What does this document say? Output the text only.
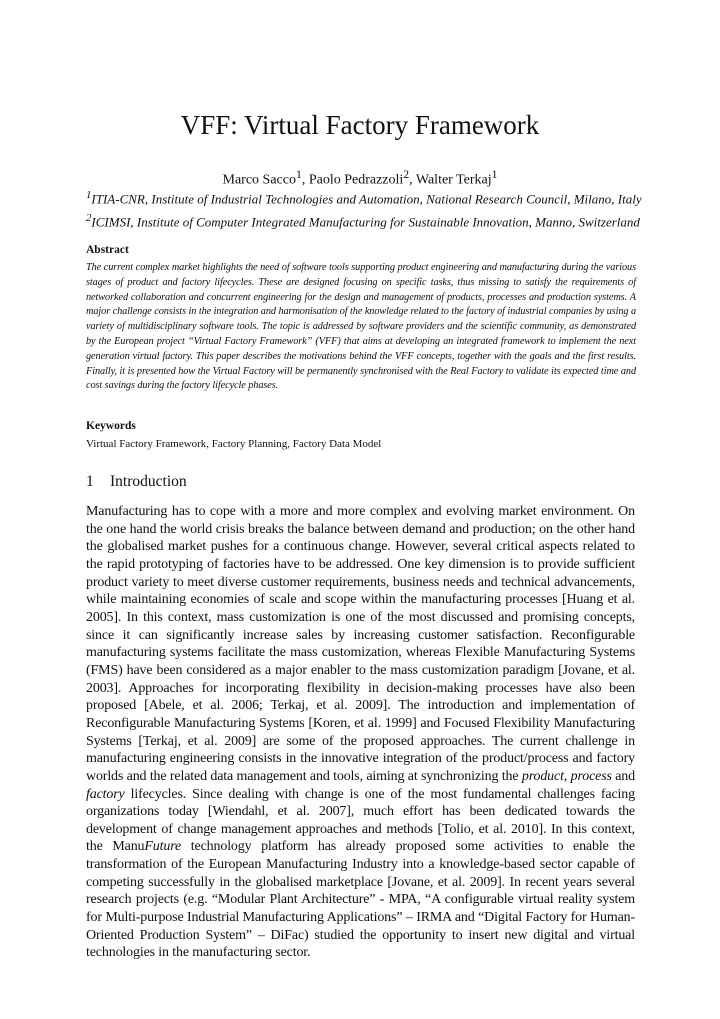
VFF: Virtual Factory Framework
Marco Sacco$^1$, Paolo Pedrazzoli$^2$, Walter Terkaj$^1$
$^1$ITIA-CNR, Institute of Industrial Technologies and Automation, National Research Council, Milano, Italy
$^2$ICIMSI, Institute of Computer Integrated Manufacturing for Sustainable Innovation, Manno, Switzerland
Abstract
The current complex market highlights the need of software tools supporting product engineering and manufacturing during the various stages of product and factory lifecycles. These are designed focusing on specific tasks, thus missing to satisfy the requirements of networked collaboration and concurrent engineering for the design and management of products, processes and production systems. A major challenge consists in the integration and harmonisation of the knowledge related to the factory of industrial companies by using a variety of multidisciplinary software tools. The topic is addressed by software providers and the scientific community, as demonstrated by the European project “Virtual Factory Framework” (VFF) that aims at developing an integrated framework to implement the next generation virtual factory. This paper describes the motivations behind the VFF concepts, together with the goals and the first results. Finally, it is presented how the Virtual Factory will be permanently synchronised with the Real Factory to validate its expected time and cost savings during the factory lifecycle phases.
Keywords
Virtual Factory Framework, Factory Planning, Factory Data Model
1 Introduction
Manufacturing has to cope with a more and more complex and evolving market environment. On the one hand the world crisis breaks the balance between demand and production; on the other hand the globalised market pushes for a continuous change. However, several critical aspects related to the rapid prototyping of factories have to be addressed. One key dimension is to provide sufficient product variety to meet diverse customer requirements, business needs and technical advancements, while maintaining economies of scale and scope within the manufacturing processes [Huang et al. 2005]. In this context, mass customization is one of the most discussed and promising concepts, since it can significantly increase sales by increasing customer satisfaction. Reconfigurable manufacturing systems facilitate the mass customization, whereas Flexible Manufacturing Systems (FMS) have been considered as a major enabler to the mass customization paradigm [Jovane, et al. 2003]. Approaches for incorporating flexibility in decision-making processes have also been proposed [Abele, et al. 2006; Terkaj, et al. 2009]. The introduction and implementation of Reconfigurable Manufacturing Systems [Koren, et al. 1999] and Focused Flexibility Manufacturing Systems [Terkaj, et al. 2009] are some of the proposed approaches. The current challenge in manufacturing engineering consists in the innovative integration of the product/process and factory worlds and the related data management and tools, aiming at synchronizing the product, process and factory lifecycles. Since dealing with change is one of the most fundamental challenges facing organizations today [Wiendahl, et al. 2007], much effort has been dedicated towards the development of change management approaches and methods [Tolio, et al. 2010]. In this context, the ManuFuture technology platform has already proposed some activities to enable the transformation of the European Manufacturing Industry into a knowledge-based sector capable of competing successfully in the globalised marketplace [Jovane, et al. 2009]. In recent years several research projects (e.g. “Modular Plant Architecture” - MPA, “A configurable virtual reality system for Multi-purpose Industrial Manufacturing Applications” – IRMA and “Digital Factory for Human-Oriented Production System” – DiFac) studied the opportunity to insert new digital and virtual technologies in the manufacturing sector.
